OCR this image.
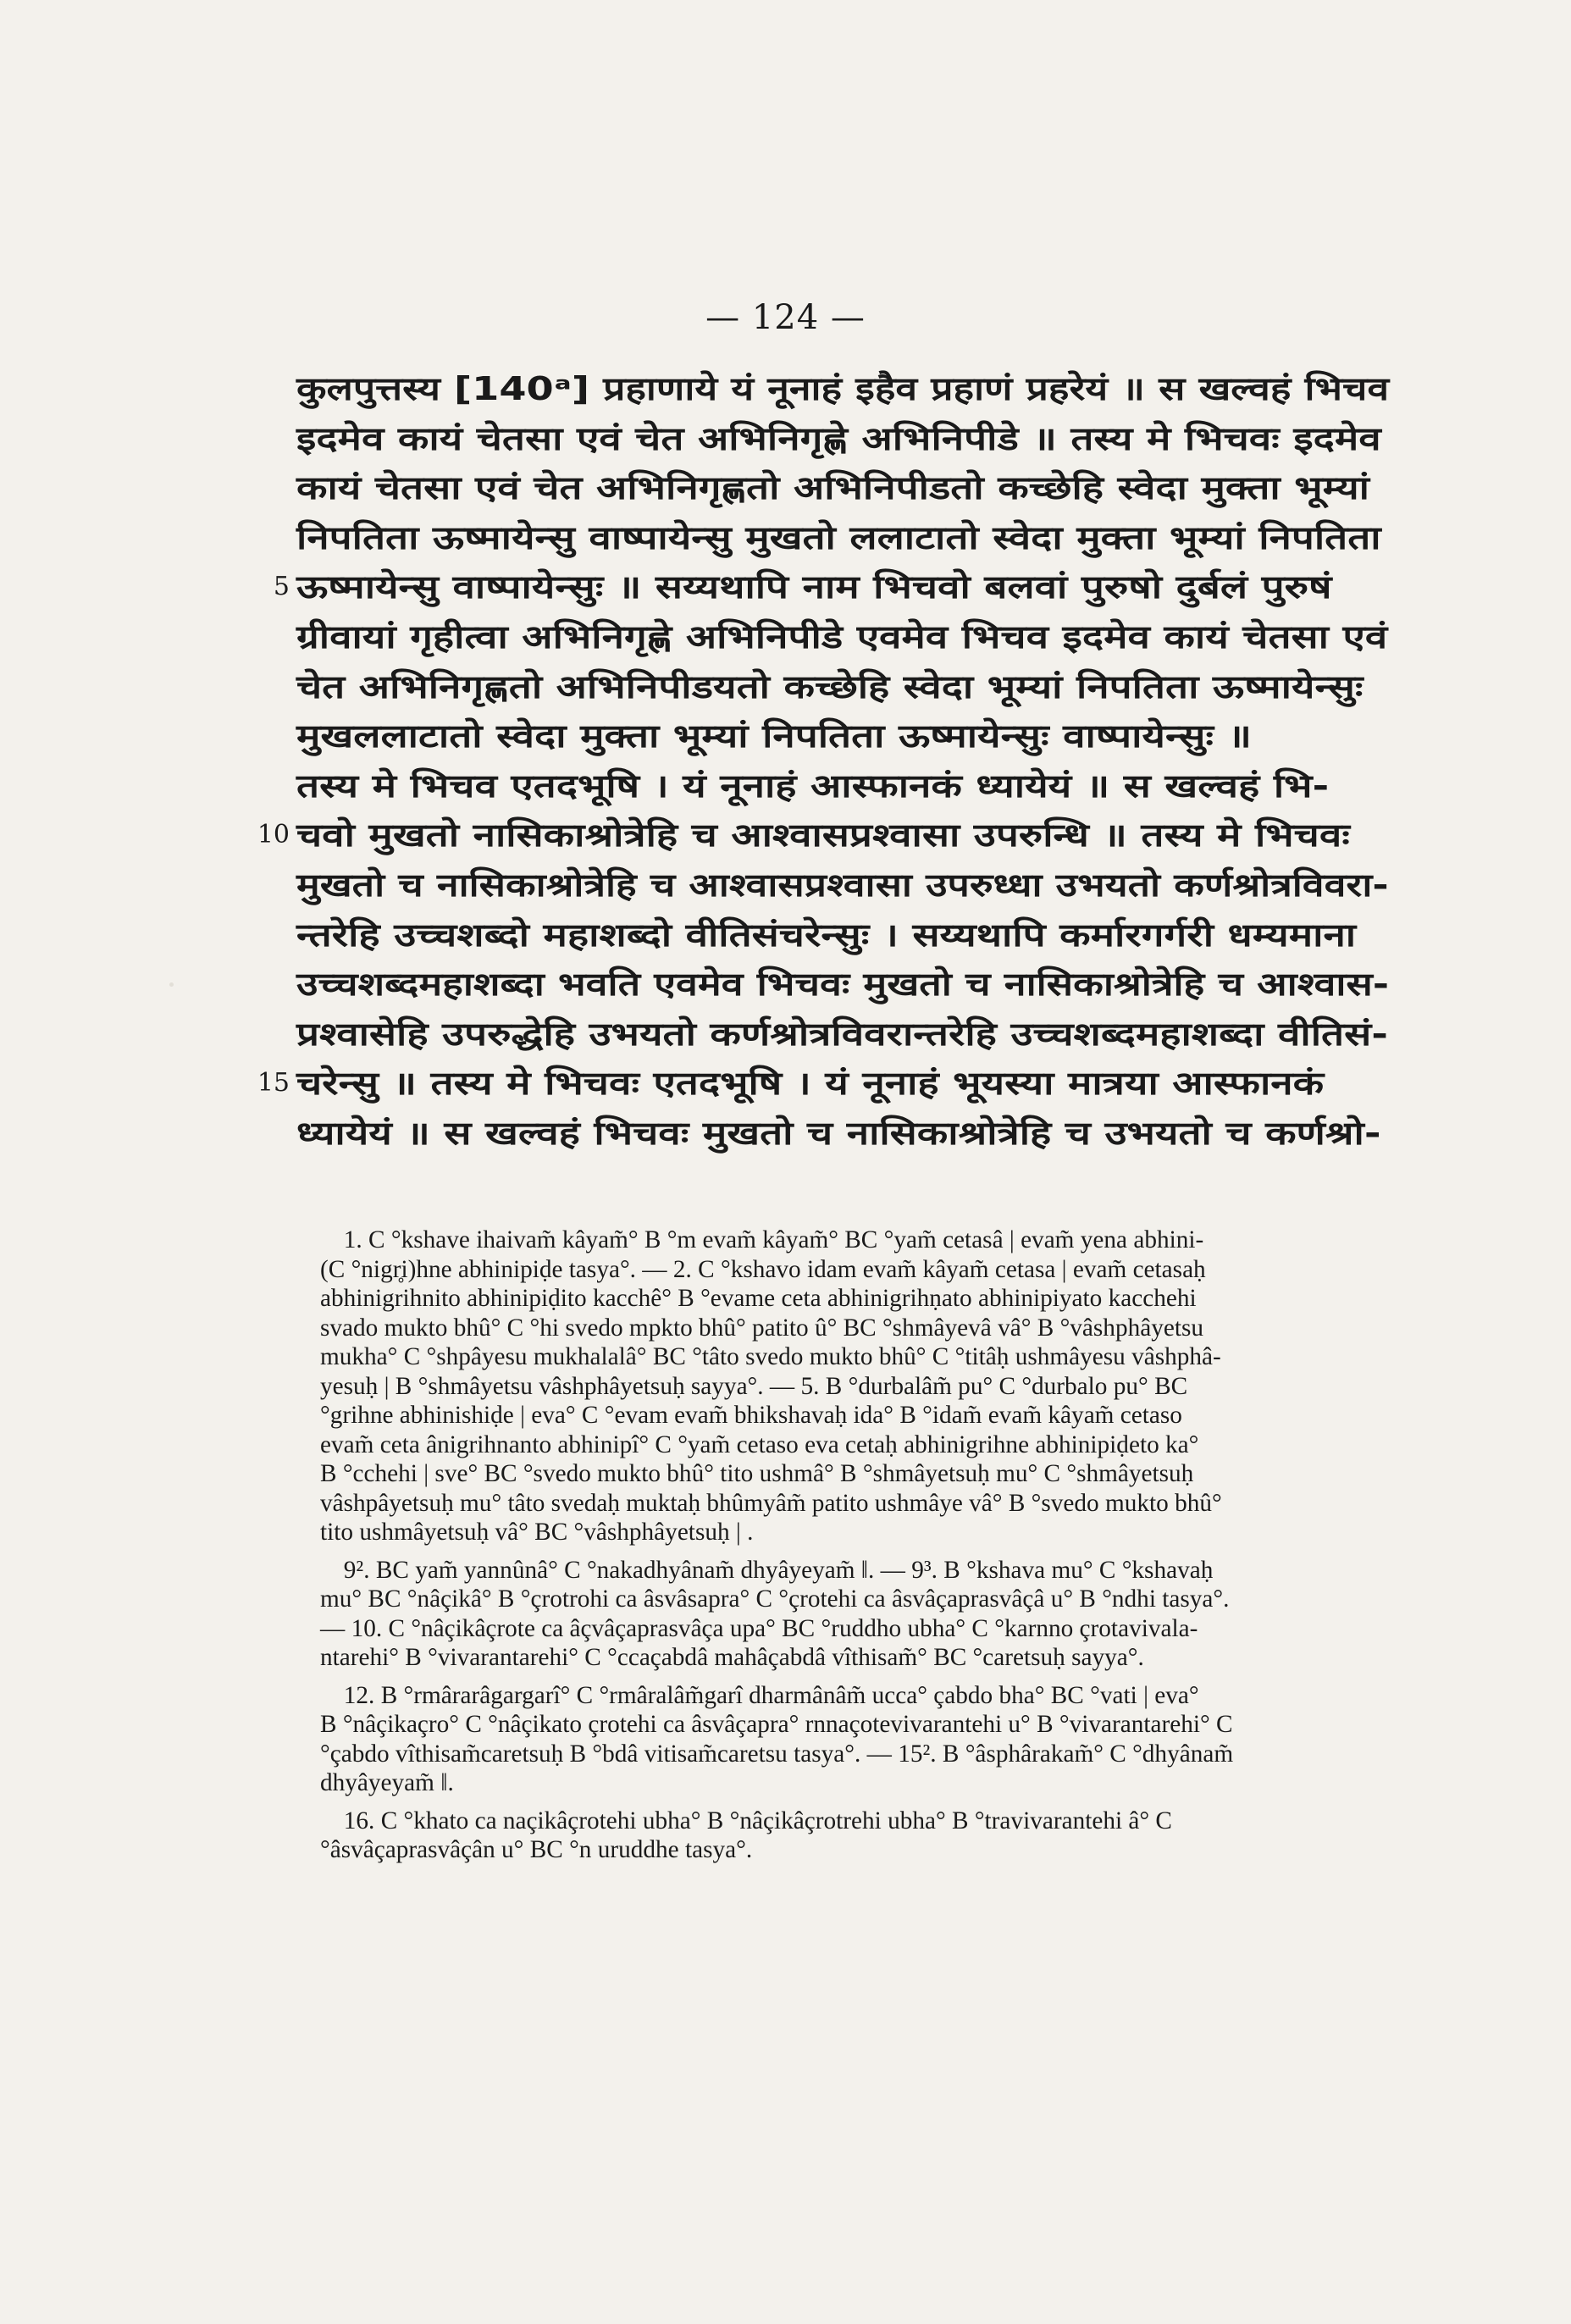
— 124 —
कुलपुत्तस्य [140ᵃ] प्रहाणाये यं नूनाहं इहैव प्रहाणं प्रहरेयं ॥ स खल्वहं भिचव
इदमेव कायं चेतसा एवं चेत अभिनिगृह्णे अभिनिपीडे ॥ तस्य मे भिचवः इदमेव
कायं चेतसा एवं चेत अभिनिगृह्णतो अभिनिपीडतो कच्छेहि स्वेदा मुक्ता भूम्यां
निपतिता ऊष्मायेन्सु वाष्पायेन्सु मुखतो ललाटातो स्वेदा मुक्ता भूम्यां निपतिता
5 ऊष्मायेन्सु वाष्पायेन्सुः ॥ सय्यथापि नाम भिचवो बलवां पुरुषो दुर्बलं पुरुषं
ग्रीवायां गृहीत्वा अभिनिगृह्णे अभिनिपीडे एवमेव भिचव इदमेव कायं चेतसा एवं
चेत अभिनिगृह्णतो अभिनिपीडयतो कच्छेहि स्वेदा भूम्यां निपतिता ऊष्मायेन्सुः
मुखललाटातो स्वेदा मुक्ता भूम्यां निपतिता ऊष्मायेन्सुः वाष्पायेन्सुः ॥
तस्य मे भिचव एतदभूषि । यं नूनाहं आस्फानकं ध्यायेयं ॥ स खल्वहं भि-
10 चवो मुखतो नासिकाश्रोत्रेहि च आश्वासप्रश्वासा उपरुन्धि ॥ तस्य मे भिचवः
मुखतो च नासिकाश्रोत्रेहि च आश्वासप्रश्वासा उपरुध्धा उभयतो कर्णश्रोत्रविवरा-
न्तरेहि उच्चशब्दो महाशब्दो वीतिसंचरेन्सुः । सय्यथापि कर्मारगर्गरी धम्यमाना
उच्चशब्दमहाशब्दा भवति एवमेव भिचवः मुखतो च नासिकाश्रोत्रेहि च आश्वास-
प्रश्वासेहि उपरुद्धेहि उभयतो कर्णश्रोत्रविवरान्तरेहि उच्चशब्दमहाशब्दा वीतिसं-
15 चरेन्सु ॥ तस्य मे भिचवः एतदभूषि । यं नूनाहं भूयस्या मात्रया आस्फानकं
ध्यायेयं ॥ स खल्वहं भिचवः मुखतो च नासिकाश्रोत्रेहि च उभयतो च कर्णश्रो-
1. C °kshave ihaivam̃ kâyam̃° B °m evam̃ kâyam̃° BC °yam̃ cetasâ | evam̃ yena abhini-
(C °nigr̥i)hne abhinipiḍe tasya°. — 2. C °kshavo idam evam̃ kâyam̃ cetasa | evam̃ cetasaḥ
abhinigrihnito abhinipiḍito kacchê° B °evame ceta abhinigrihṇato abhinipiyato kacchehi
svado mukto bhû° C °hi svedo mpkto bhû° patito û° BC °shmâyevâ vâ° B °vâshphâyetsu
mukha° C °shpâyesu mukhalalâ° BC °tâto svedo mukto bhû° C °titâḥ ushmâyesu vâshphâ-
yesuḥ | B °shmâyetsu vâshphâyetsuḥ sayya°. — 5. B °durbalâm̃ pu° C °durbalo pu° BC
°grihne abhinishiḍe | eva° C °evam evam̃ bhikshavaḥ ida° B °idam̃ evam̃ kâyam̃ cetaso
evam̃ ceta ânigrihnanto abhinipî° C °yam̃ cetaso eva cetaḥ abhinigrihne abhinipiḍeto ka°
B °cchehi | sve° BC °svedo mukto bhû° tito ushmâ° B °shmâyetsuḥ mu° C °shmâyetsuḥ
vâshpâyetsuḥ mu° tâto svedaḥ muktaḥ bhûmyâm̃ patito ushmâye vâ° B °svedo mukto bhû°
tito ushmâyetsuḥ vâ° BC °vâshphâyetsuḥ | .
9². BC yam̃ yannûnâ° C °nakadhyânam̃ dhyâyeyam̃ ‖. — 9³. B °kshava mu° C °kshavaḥ
mu° BC °nâçikâ° B °çrotrohi ca âsvâsapra° C °çrotehi ca âsvâçaprasvâçâ u° B °ndhi tasya°.
— 10. C °nâçikâçrote ca âçvâçaprasvâça upa° BC °ruddho ubha° C °karnno çrotavivala-
ntarehi° B °vivarantarehi° C °ccaçabdâ mahâçabdâ vîthisam̃° BC °caretsuḥ sayya°.
12. B °rmârarâgargarî° C °rmâralâm̃garî dharmânâm̃ ucca° çabdo bha° BC °vati | eva°
B °nâçikaçro° C °nâçikato çrotehi ca âsvâçapra° rnnaçotevivarantehi u° B °vivarantarehi° C
°çabdo vîthisam̃caretsuḥ B °bdâ vitisam̃caretsu tasya°. — 15². B °âsphârakam̃° C °dhyânam̃
dhyâyeyam̃ ‖.
16. C °khato ca naçikâçrotehi ubha° B °nâçikâçrotrehi ubha° B °travivarantehi â° C
°âsvâçaprasvâçân u° BC °n uruddhe tasya°.
